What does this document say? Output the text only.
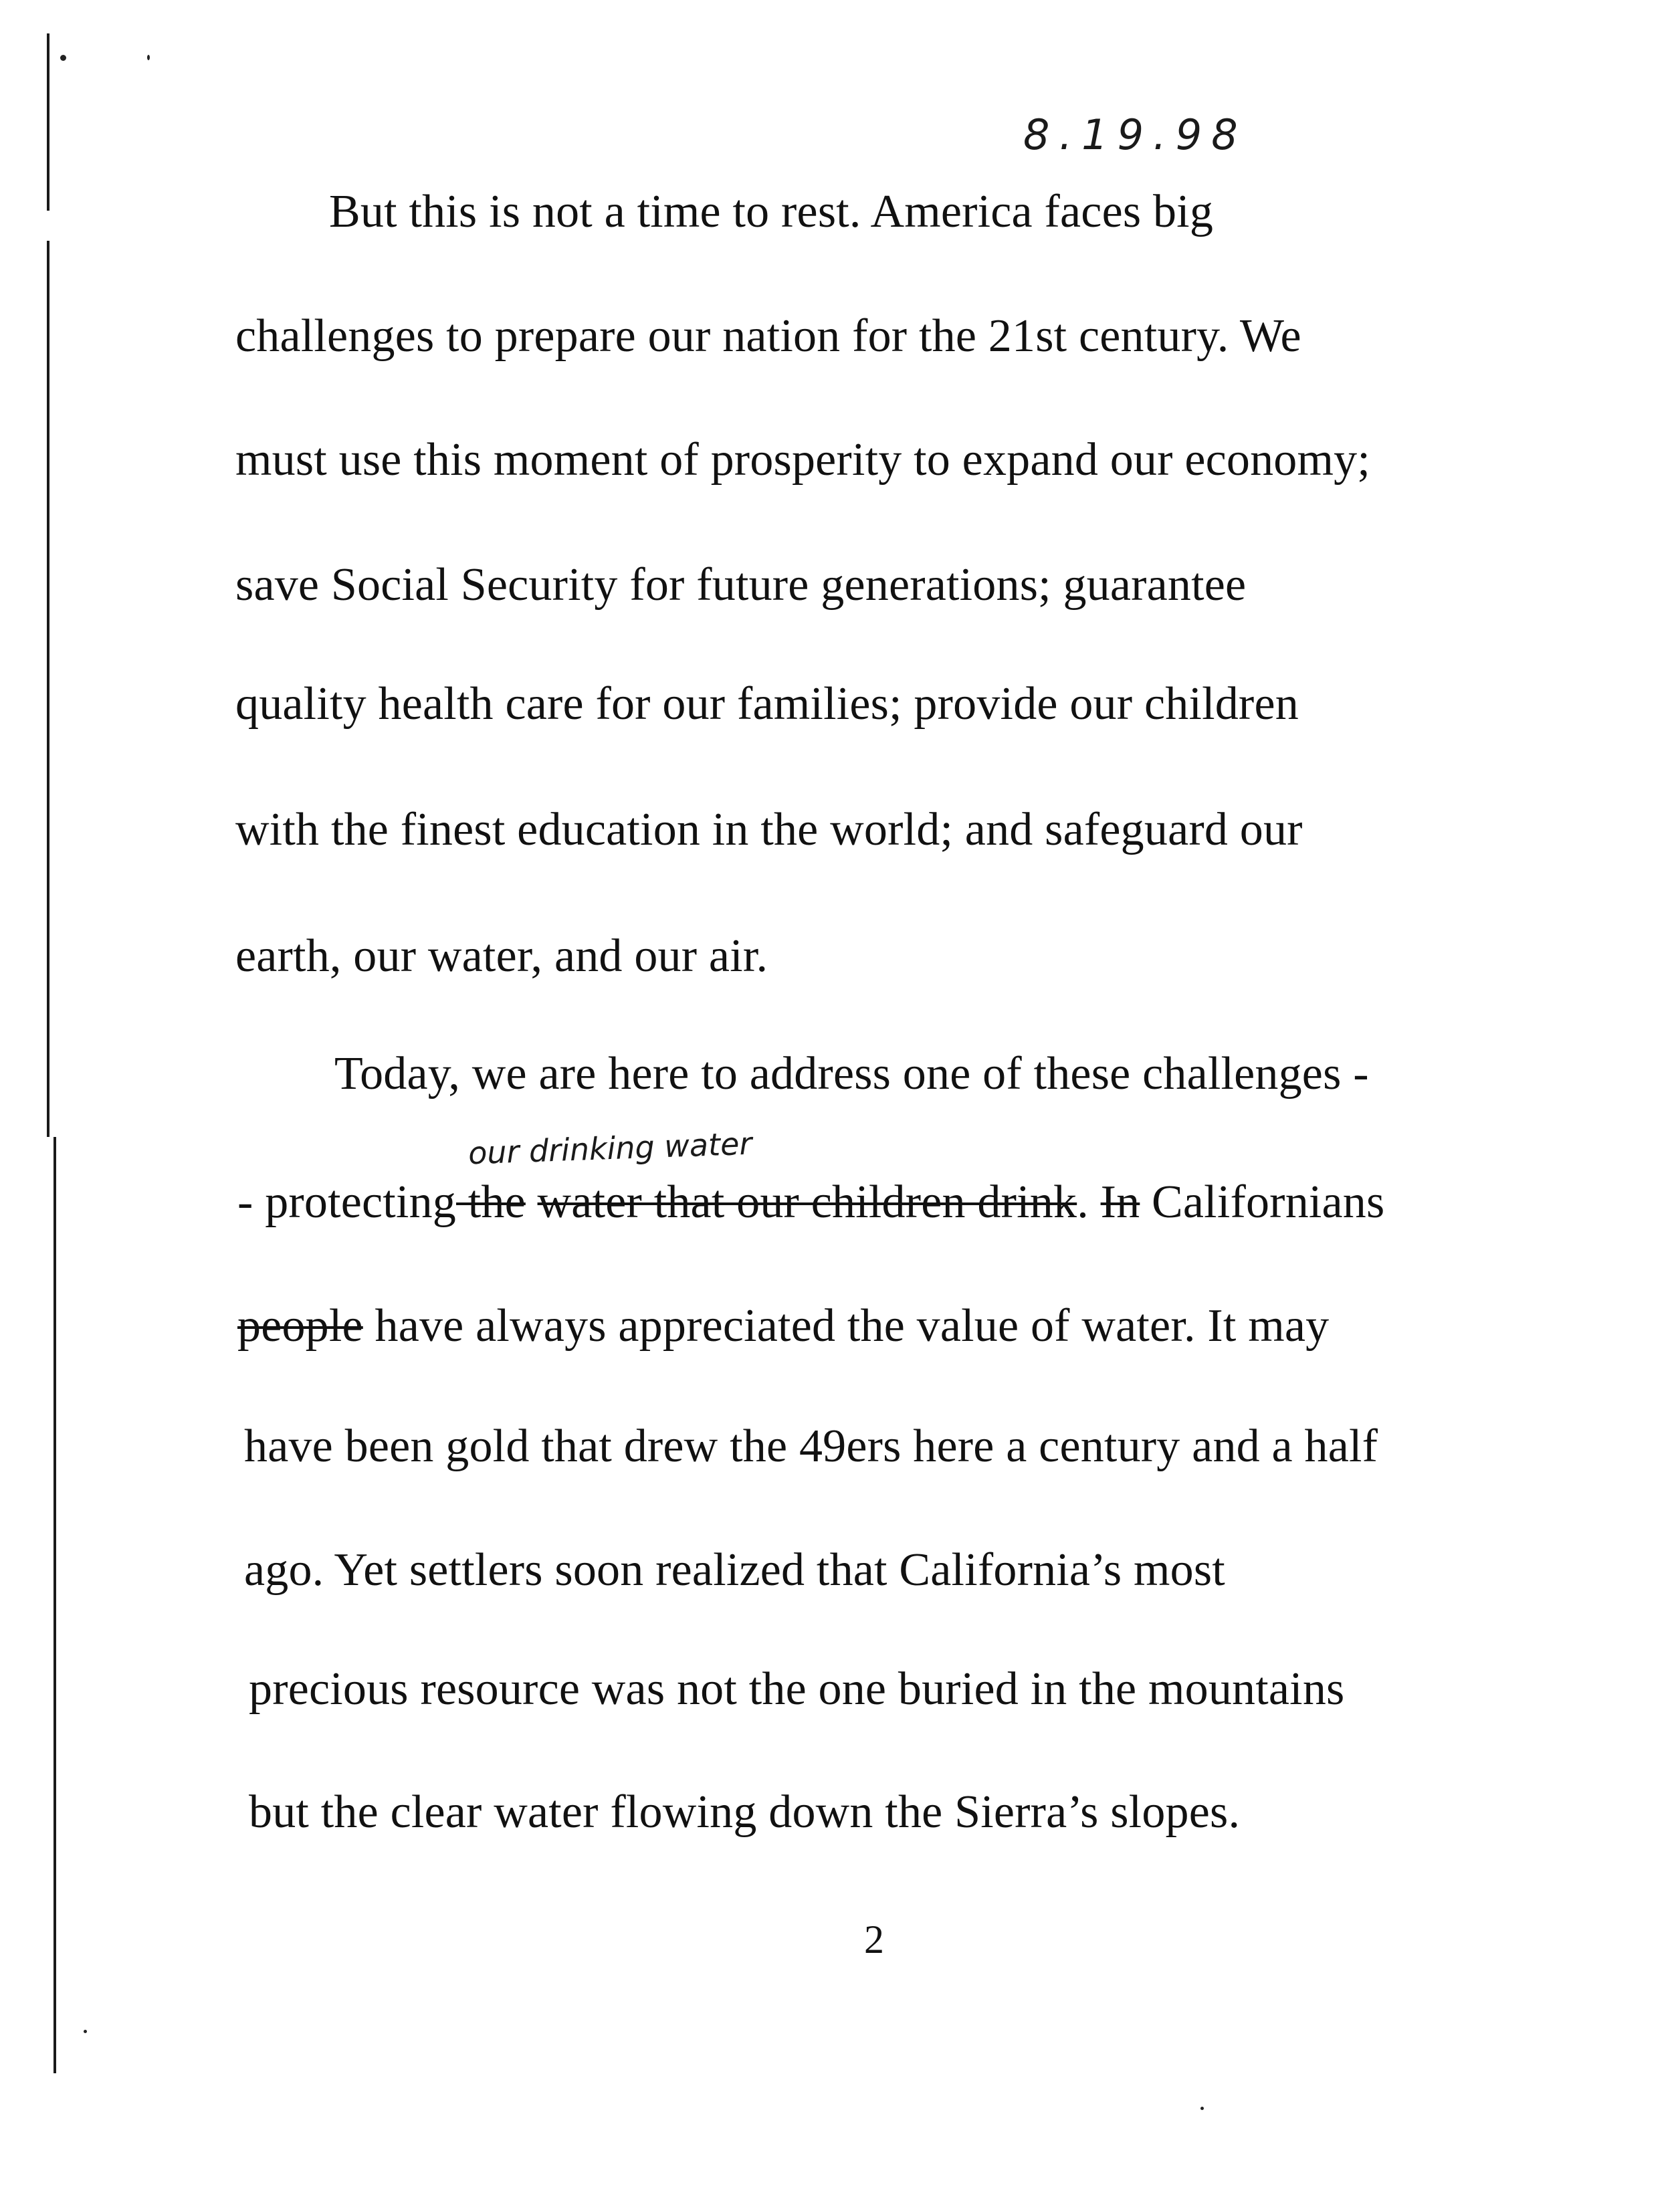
8.19.98
But this is not a time to rest. America faces big
challenges to prepare our nation for the 21st century. We
must use this moment of prosperity to expand our economy;
save Social Security for future generations; guarantee
quality health care for our families; provide our children
with the finest education in the world; and safeguard our
earth, our water, and our air.
Today, we are here to address one of these challenges -
our drinking water
- protecting the water that our children drink. In Californians
people have always appreciated the value of water. It may
have been gold that drew the 49ers here a century and a half
ago. Yet settlers soon realized that California’s most
precious resource was not the one buried in the mountains
but the clear water flowing down the Sierra’s slopes.
2
